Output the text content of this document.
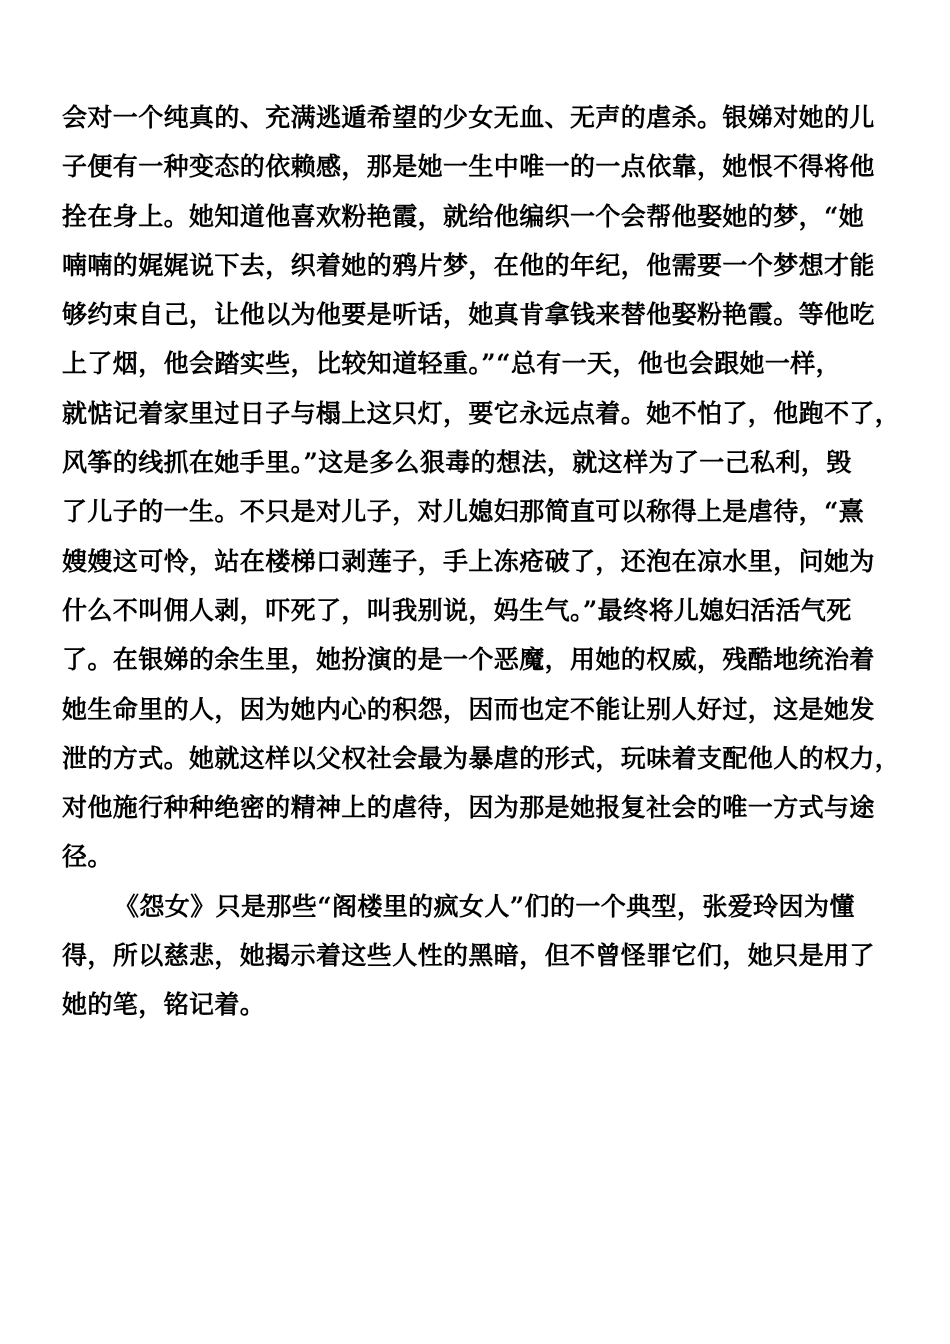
会对一个纯真的、充满逃遁希望的少女无血、无声的虐杀。银娣对她的儿
子便有一种变态的依赖感，那是她一生中唯一的一点依靠，她恨不得将他
拴在身上。她知道他喜欢粉艳霞，就给他编织一个会帮他娶她的梦，“她
喃喃的娓娓说下去，织着她的鸦片梦，在他的年纪，他需要一个梦想才能
够约束自己，让他以为他要是听话，她真肯拿钱来替他娶粉艳霞。等他吃
上了烟，他会踏实些，比较知道轻重。”“总有一天，他也会跟她一样，
就惦记着家里过日子与榻上这只灯，要它永远点着。她不怕了，他跑不了，
风筝的线抓在她手里。”这是多么狠毒的想法，就这样为了一己私利，毁
了儿子的一生。不只是对儿子，对儿媳妇那简直可以称得上是虐待，“熹
嫂嫂这可怜，站在楼梯口剥莲子，手上冻疮破了，还泡在凉水里，问她为
什么不叫佣人剥，吓死了，叫我别说，妈生气。”最终将儿媳妇活活气死
了。在银娣的余生里，她扮演的是一个恶魔，用她的权威，残酷地统治着
她生命里的人，因为她内心的积怨，因而也定不能让别人好过，这是她发
泄的方式。她就这样以父权社会最为暴虐的形式，玩味着支配他人的权力，
对他施行种种绝密的精神上的虐待，因为那是她报复社会的唯一方式与途
径。
《怨女》只是那些“阁楼里的疯女人”们的一个典型，张爱玲因为懂
得，所以慈悲，她揭示着这些人性的黑暗，但不曾怪罪它们，她只是用了
她的笔，铭记着。
